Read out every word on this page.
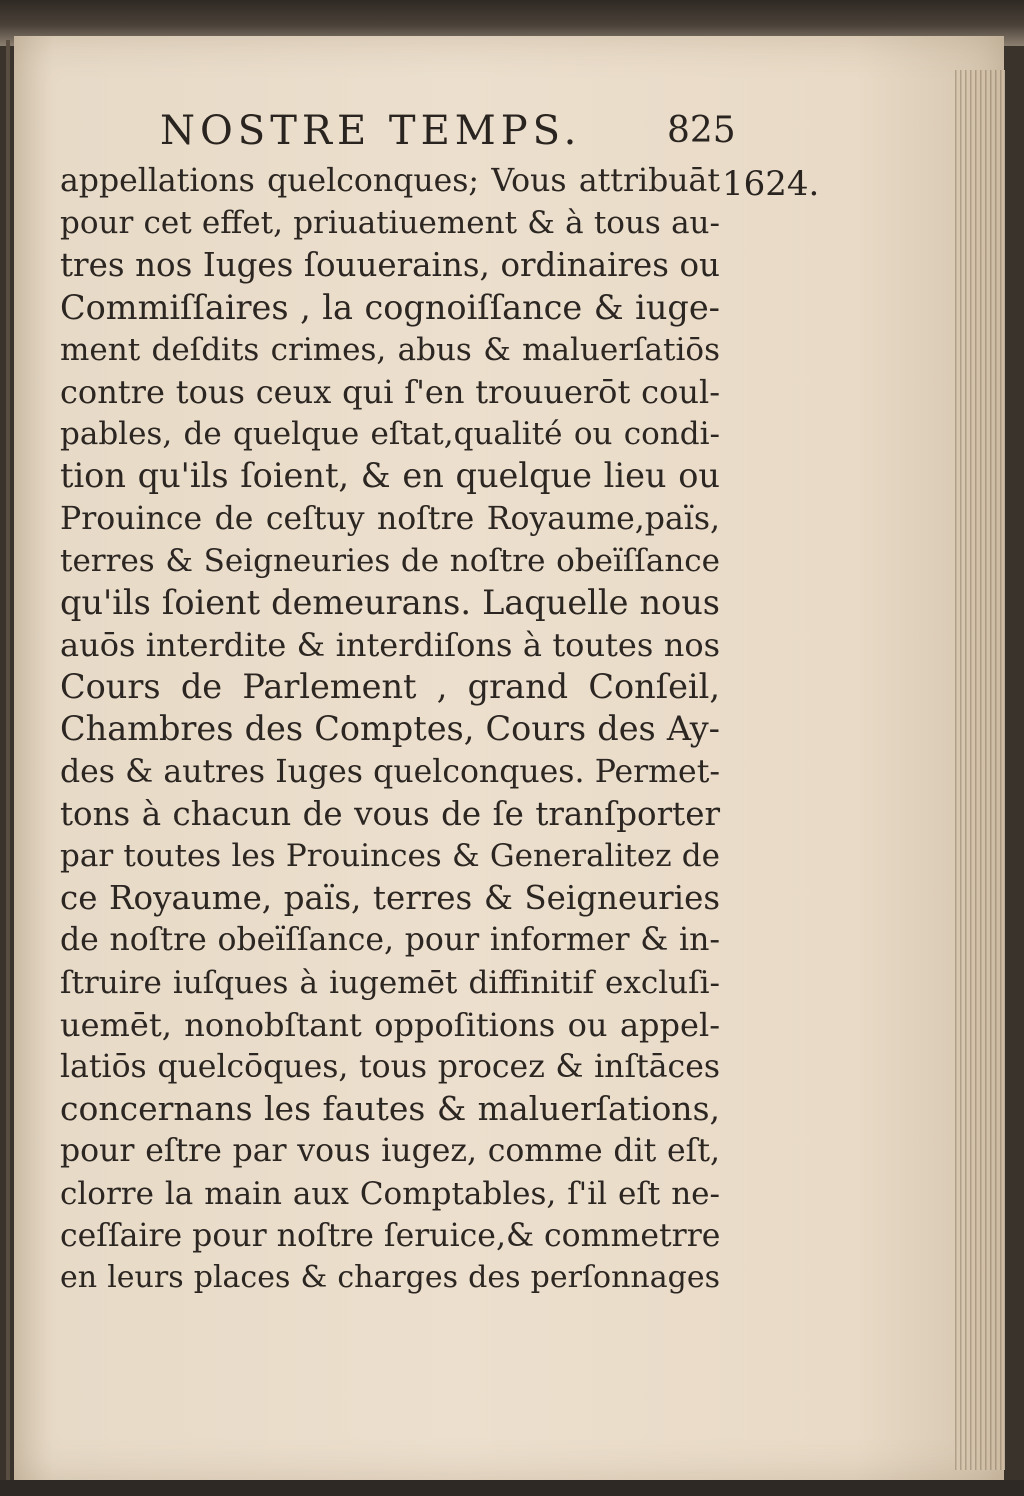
NOSTRE TEMPS. 825
1624.
appellations quelconques; Vous attribuāt
pour cet effet, priuatiuement & à tous au-
tres nos Iuges ſouuerains, ordinaires ou
Commiſſaires , la cognoiſſance & iuge-
ment deſdits crimes, abus & maluerſatiōs
contre tous ceux qui ſ'en trouuerōt coul-
pables, de quelque eſtat,qualité ou condi-
tion qu'ils ſoient, & en quelque lieu ou
Prouince de ceſtuy noſtre Royaume,païs,
terres & Seigneuries de noſtre obeïſſance
qu'ils ſoient demeurans. Laquelle nous
auōs interdite & interdiſons à toutes nos
Cours de Parlement , grand Conſeil,
Chambres des Comptes, Cours des Ay-
des & autres Iuges quelconques. Permet-
tons à chacun de vous de ſe tranſporter
par toutes les Prouinces & Generalitez de
ce Royaume, païs, terres & Seigneuries
de noſtre obeïſſance, pour informer & in-
ſtruire iuſques à iugemēt diffinitif excluſi-
uemēt, nonobſtant oppoſitions ou appel-
latiōs quelcōques, tous procez & inſtāces
concernans les fautes & maluerſations,
pour eſtre par vous iugez, comme dit eſt,
clorre la main aux Comptables, ſ'il eſt ne-
ceſſaire pour noſtre ſeruice,& commetrre
en leurs places & charges des perſonnages
